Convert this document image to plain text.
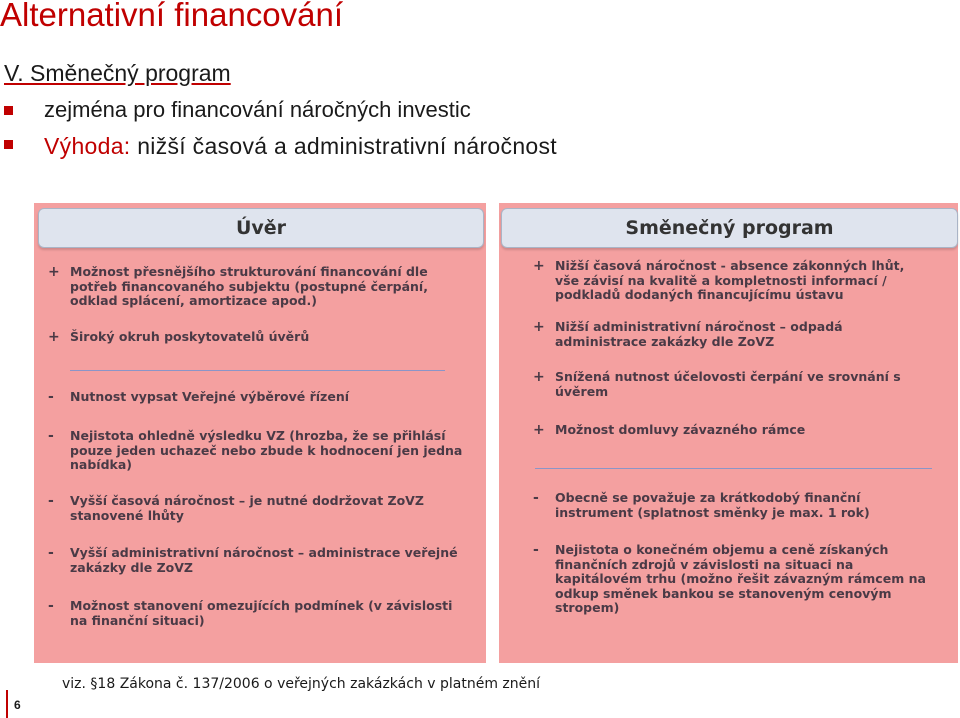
Alternativní financování
V. Směnečný program
zejména pro financování náročných investic
Výhoda: nižší časová a administrativní náročnost
Úvěr
+ Možnost přesnějšího strukturování financování dle
potřeb financovaného subjektu (postupné čerpání,
odklad splácení, amortizace apod.)
+ Široký okruh poskytovatelů úvěrů
-	Nutnost vypsat Veřejné výběrové řízení
-	Nejistota ohledně výsledku VZ (hrozba, že se přihlásí
pouze jeden uchazeč nebo zbude k hodnocení jen jedna
nabídka)
-	Vyšší časová náročnost – je nutné dodržovat ZoVZ
stanovené lhůty
-	Vyšší administrativní náročnost – administrace veřejné
zakázky dle ZoVZ
-	Možnost stanovení omezujících podmínek (v závislosti
na finanční situaci)
Směnečný program
+ Nižší časová náročnost - absence zákonných lhůt,
vše závisí na kvalitě a kompletnosti informací /
podkladů dodaných financujícímu ústavu
+ Nižší administrativní náročnost – odpadá
administrace zakázky dle ZoVZ
+ Snížená nutnost účelovosti čerpání ve srovnání s
úvěrem
+ Možnost domluvy závazného rámce
-	Obecně se považuje za krátkodobý finanční
instrument (splatnost směnky je max. 1 rok)
-	Nejistota o konečném objemu a ceně získaných
finančních zdrojů v závislosti na situaci na
kapitálovém trhu (možno řešit závazným rámcem na
odkup směnek bankou se stanoveným cenovým
stropem)
viz. §18 Zákona č. 137/2006 o veřejných zakázkách v platném znění
6
